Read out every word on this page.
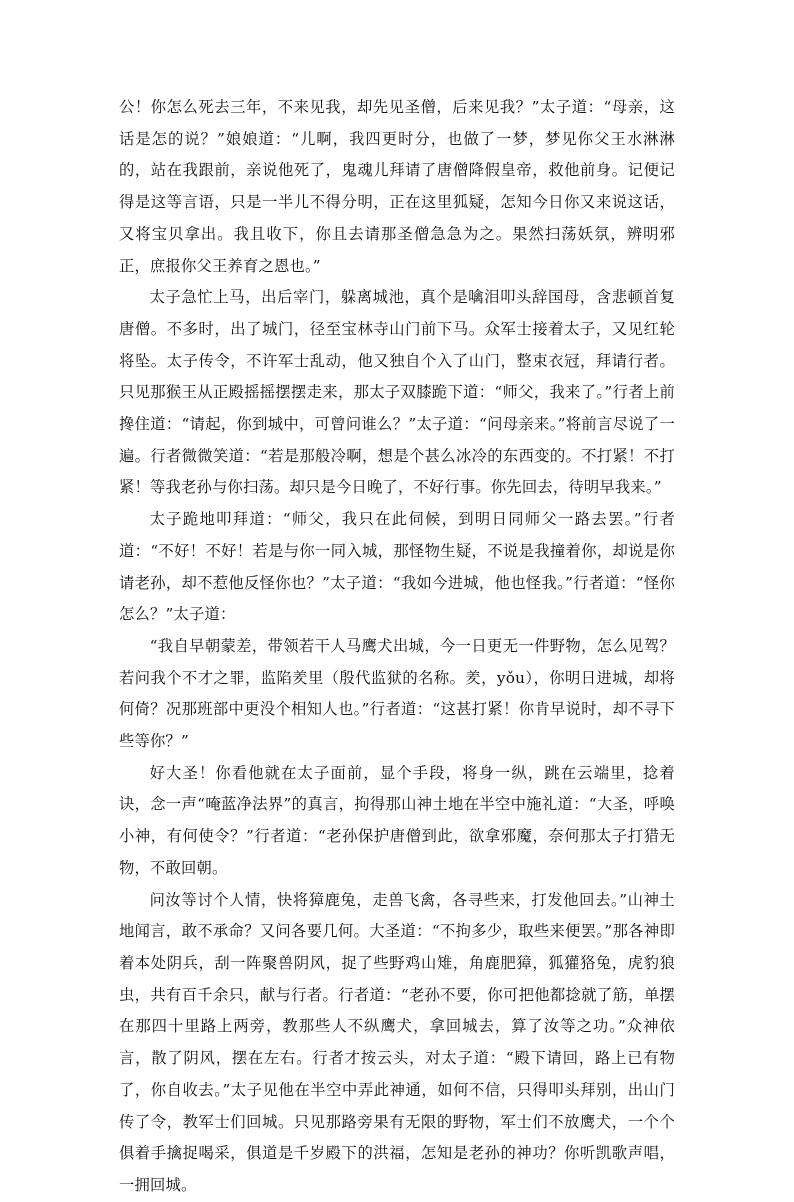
公！你怎么死去三年，不来见我，却先见圣僧，后来见我？”太子道：“母亲，这话是怎的说？”娘娘道：“儿啊，我四更时分，也做了一梦，梦见你父王水淋淋的，站在我跟前，亲说他死了，鬼魂儿拜请了唐僧降假皇帝，救他前身。记便记得是这等言语，只是一半儿不得分明，正在这里狐疑，怎知今日你又来说这话，又将宝贝拿出。我且收下，你且去请那圣僧急急为之。果然扫荡妖氛，辨明邪正，庶报你父王养育之恩也。”

太子急忙上马，出后宰门，躲离城池，真个是噙泪叩头辞国母，含悲顿首复唐僧。不多时，出了城门，径至宝林寺山门前下马。众军士接着太子，又见红轮将坠。太子传令，不许军士乱动，他又独自个入了山门，整束衣冠，拜请行者。只见那猴王从正殿摇摇摆摆走来，那太子双膝跪下道：“师父，我来了。”行者上前搀住道：“请起，你到城中，可曾问谁么？”太子道：“问母亲来。”将前言尽说了一遍。行者微微笑道：“若是那般冷啊，想是个甚么冰冷的东西变的。不打紧！不打紧！等我老孙与你扫荡。却只是今日晚了，不好行事。你先回去，待明早我来。”

太子跪地叩拜道：“师父，我只在此伺候，到明日同师父一路去罢。”行者道：“不好！不好！若是与你一同入城，那怪物生疑，不说是我撞着你，却说是你请老孙，却不惹他反怪你也？”太子道：“我如今进城，他也怪我。”行者道：“怪你怎么？”太子道：

“我自早朝蒙差，带领若干人马鹰犬出城，今一日更无一件野物，怎么见驾？若问我个不才之罪，监陷羑里（殷代监狱的名称。羑，yǒu），你明日进城，却将何倚？况那班部中更没个相知人也。”行者道：“这甚打紧！你肯早说时，却不寻下些等你？”

好大圣！你看他就在太子面前，显个手段，将身一纵，跳在云端里，捻着诀，念一声“唵蓝净法界”的真言，拘得那山神土地在半空中施礼道：“大圣，呼唤小神，有何使令？”行者道：“老孙保护唐僧到此，欲拿邪魔，奈何那太子打猎无物，不敢回朝。

问汝等讨个人情，快将獐鹿兔，走兽飞禽，各寻些来，打发他回去。”山神土地闻言，敢不承命？又问各要几何。大圣道：“不拘多少，取些来便罢。”那各神即着本处阴兵，刮一阵聚兽阴风，捉了些野鸡山雉，角鹿肥獐，狐獾狢兔，虎豹狼虫，共有百千余只，献与行者。行者道：“老孙不要，你可把他都捻就了筋，单摆在那四十里路上两旁，教那些人不纵鹰犬，拿回城去，算了汝等之功。”众神依言，散了阴风，摆在左右。行者才按云头，对太子道：“殿下请回，路上已有物了，你自收去。”太子见他在半空中弄此神通，如何不信，只得叩头拜别，出山门传了令，教军士们回城。只见那路旁果有无限的野物，军士们不放鹰犬，一个个俱着手擒捉喝采，俱道是千岁殿下的洪福，怎知是老孙的神功？你听凯歌声唱，一拥回城。
